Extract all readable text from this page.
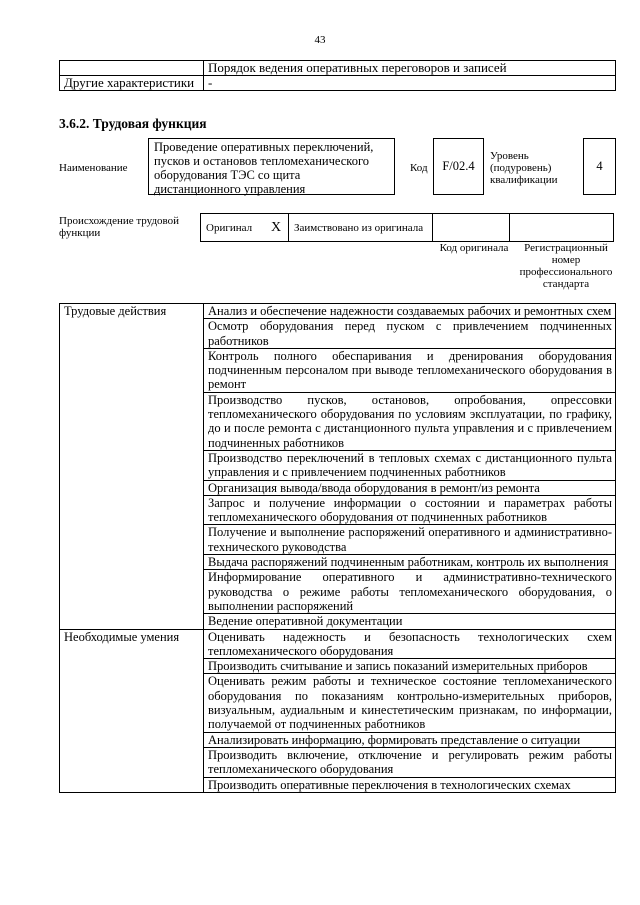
43
	Порядок ведения оперативных переговоров и записей
Другие характеристики	-
3.6.2. Трудовая функция
Наименование
Проведение оперативных переключений, пусков и остановов тепломеханического оборудования ТЭС со щита дистанционного управления
Код	F/02.4
Уровень (подуровень) квалификации
4
Происхождение трудовой функции	Оригинал	X	Заимствовано из оригинала		
Код оригинала	Регистрационный номер профессионального стандарта
Трудовые действия	Анализ и обеспечение надежности создаваемых рабочих и ремонтных схем
	Осмотр оборудования перед пуском с привлечением подчиненных работников
	Контроль полного обеспаривания и дренирования оборудования подчиненным персоналом при выводе тепломеханического оборудования в ремонт
	Производство пусков, остановов, опробования, опрессовки тепломеханического оборудования по условиям эксплуатации, по графику, до и после ремонта с дистанционного пульта управления и с привлечением подчиненных работников
	Производство переключений в тепловых схемах с дистанционного пульта управления и с привлечением подчиненных работников
	Организация вывода/ввода оборудования в ремонт/из ремонта
	Запрос и получение информации о состоянии и параметрах работы тепломеханического оборудования от подчиненных работников
	Получение и выполнение распоряжений оперативного и административно-технического руководства
	Выдача распоряжений подчиненным работникам, контроль их выполнения
	Информирование оперативного и административно-технического руководства о режиме работы тепломеханического оборудования, о выполнении распоряжений
	Ведение оперативной документации
Необходимые умения	Оценивать надежность и безопасность технологических схем тепломеханического оборудования
	Производить считывание и запись показаний измерительных приборов
	Оценивать режим работы и техническое состояние тепломеханического оборудования по показаниям контрольно-измерительных приборов, визуальным, аудиальным и кинестетическим признакам, по информации, получаемой от подчиненных работников
	Анализировать информацию, формировать представление о ситуации
	Производить включение, отключение и регулировать режим работы тепломеханического оборудования
	Производить оперативные переключения в технологических схемах
